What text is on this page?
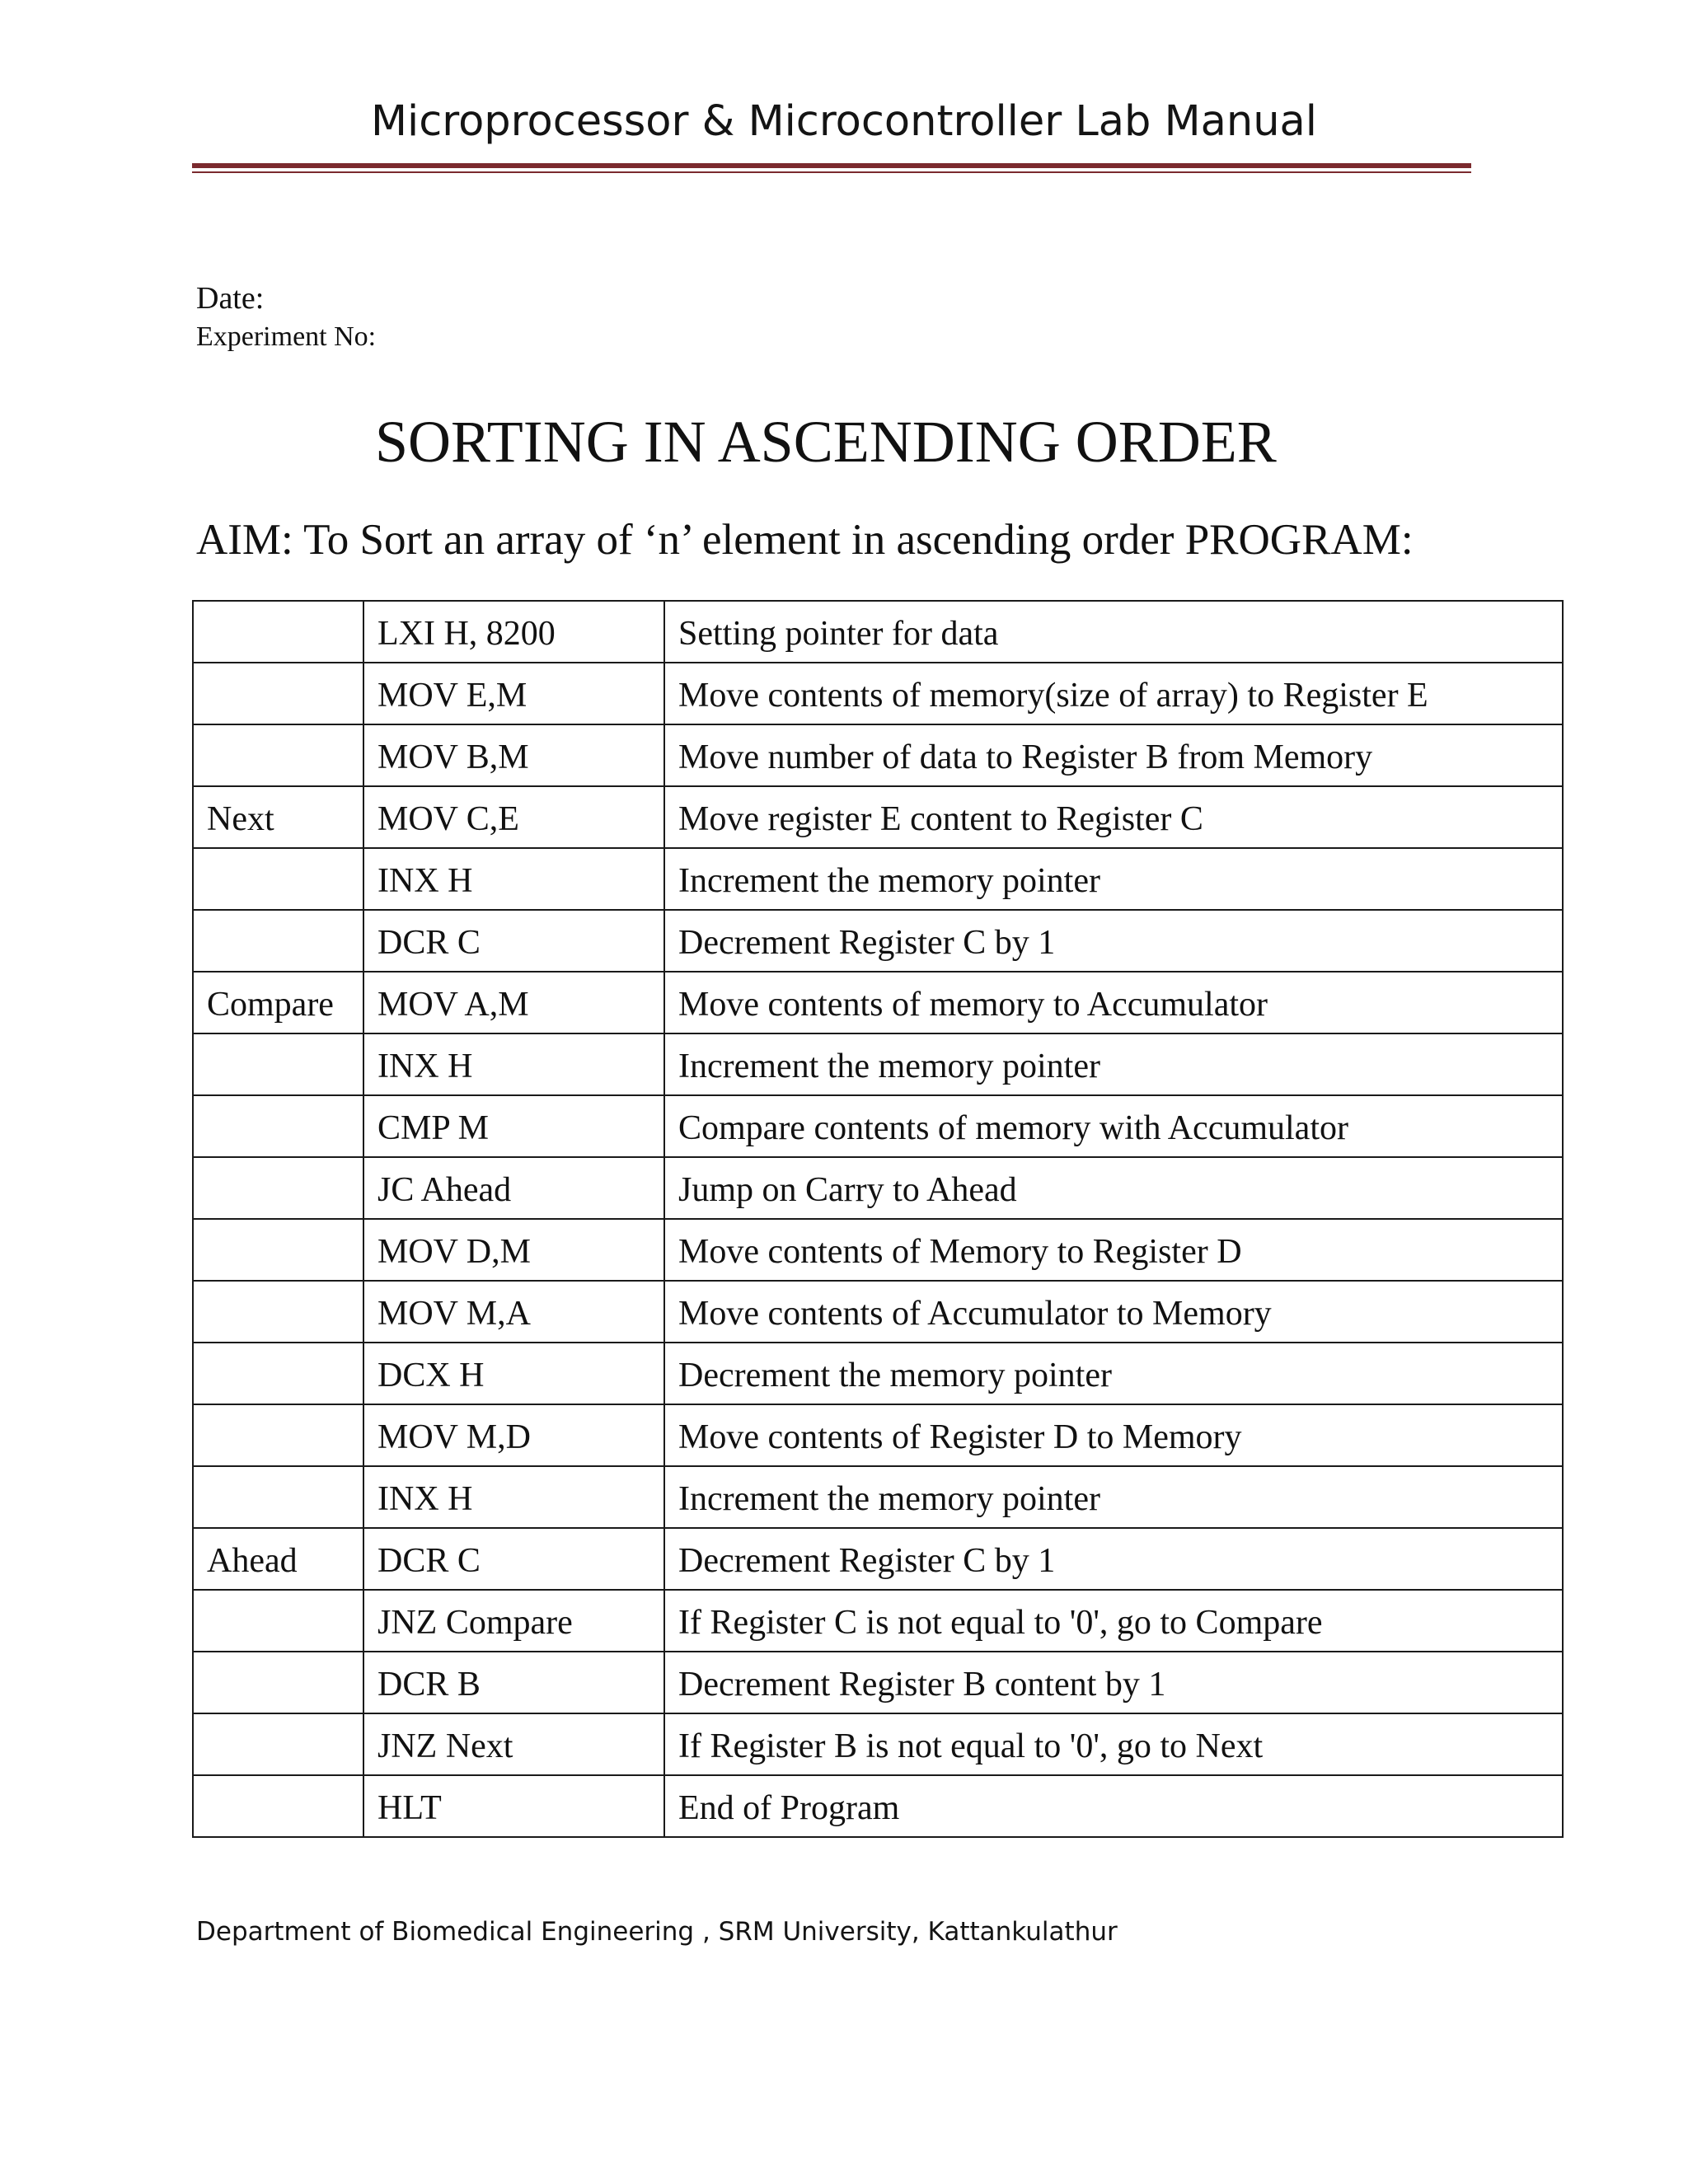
Microprocessor & Microcontroller Lab Manual
Date:
Experiment No:
SORTING IN ASCENDING ORDER
AIM: To Sort an array of ‘n’ element in ascending order PROGRAM:
	LXI H, 8200	Setting pointer for data
	MOV E,M	Move contents of memory(size of array) to Register E
	MOV B,M	Move number of data to Register B from Memory
Next	MOV C,E	Move register E content to Register C
	INX H	Increment the memory pointer
	DCR C	Decrement Register C by 1
Compare	MOV A,M	Move contents of memory to Accumulator
	INX H	Increment the memory pointer
	CMP M	Compare contents of memory with Accumulator
	JC Ahead	Jump on Carry to Ahead
	MOV D,M	Move contents of Memory to Register D
	MOV M,A	Move contents of Accumulator to Memory
	DCX H	Decrement the memory pointer
	MOV M,D	Move contents of Register D to Memory
	INX H	Increment the memory pointer
Ahead	DCR C	Decrement Register C by 1
	JNZ Compare	If Register C is not equal to '0', go to Compare
	DCR B	Decrement Register B content by 1
	JNZ Next	If Register B is not equal to '0', go to Next
	HLT	End of Program
Department of Biomedical Engineering , SRM University, Kattankulathur
